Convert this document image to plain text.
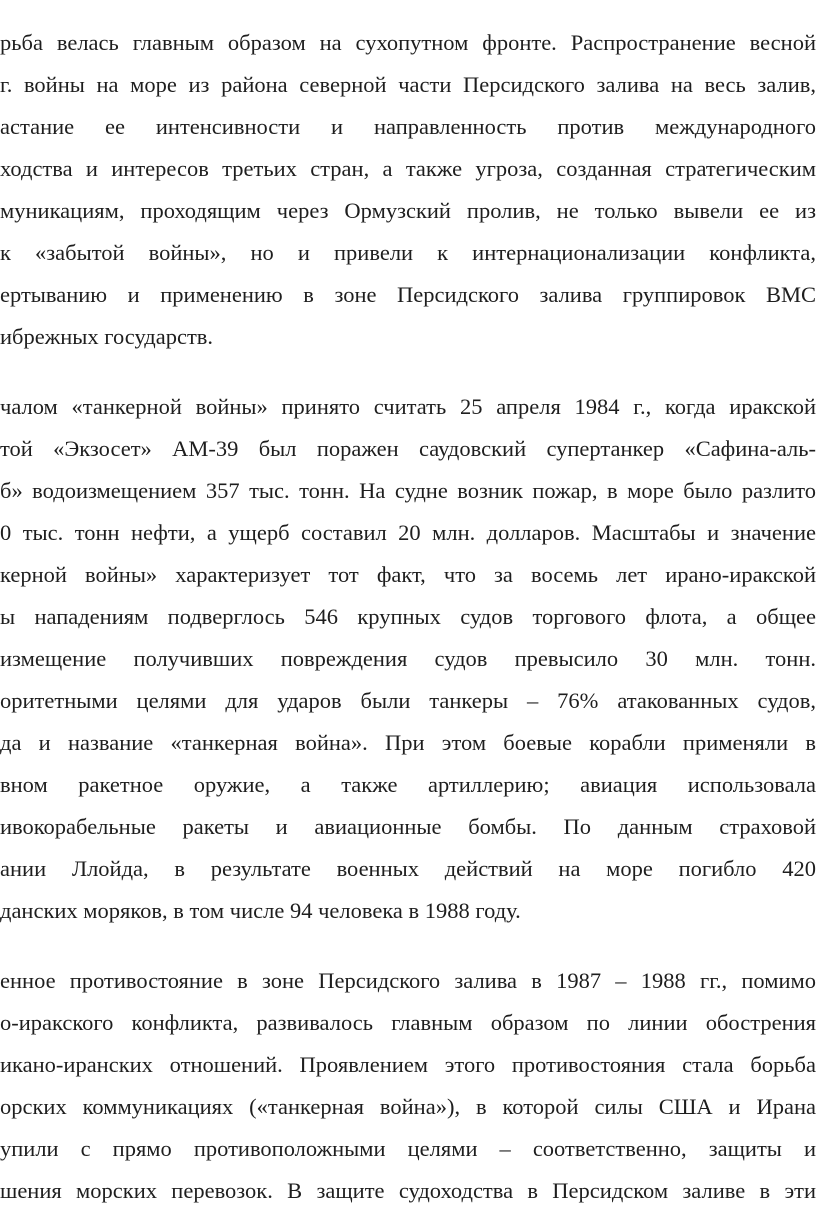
рьба велась главным образом на сухопутном фронте. Распространение весной
г. войны на море из района северной части Персидского залива на весь залив,
астание ее интенсивности и направленность против международного
ходства и интересов третьих стран, а также угроза, созданная стратегическим
муникациям, проходящим через Ормузский пролив, не только вывели ее из
к «забытой войны», но и привели к интернационализации конфликта,
ертыванию и применению в зоне Персидского залива группировок ВМС
ибрежных государств.
чалом «танкерной войны» принято считать 25 апреля 1984 г., когда иракской
той «Экзосет» АМ-39 был поражен саудовский супертанкер «Сафина-аль-
б» водоизмещением 357 тыс. тонн. На судне возник пожар, в море было разлито
0 тыс. тонн нефти, а ущерб составил 20 млн. долларов. Масштабы и значение
керной войны» характеризует тот факт, что за восемь лет ирано-иракской
ы нападениям подверглось 546 крупных судов торгового флота, а общее
измещение получивших повреждения судов превысило 30 млн. тонн.
оритетными целями для ударов были танкеры – 76% атакованных судов,
да и название «танкерная война». При этом боевые корабли применяли в
вном ракетное оружие, а также артиллерию; авиация использовала
ивокорабельные ракеты и авиационные бомбы. По данным страховой
ании Ллойда, в результате военных действий на море погибло 420
данских моряков, в том числе 94 человека в 1988 году.
енное противостояние в зоне Персидского залива в 1987 – 1988 гг., помимо
о-иракского конфликта, развивалось главным образом по линии обострения
икано-иранских отношений. Проявлением этого противостояния стала борьба
орских коммуникациях («танкерная война»), в которой силы США и Ирана
упили с прямо противоположными целями – соответственно, защиты и
шения морских перевозок. В защите судоходства в Персидском заливе в эти
